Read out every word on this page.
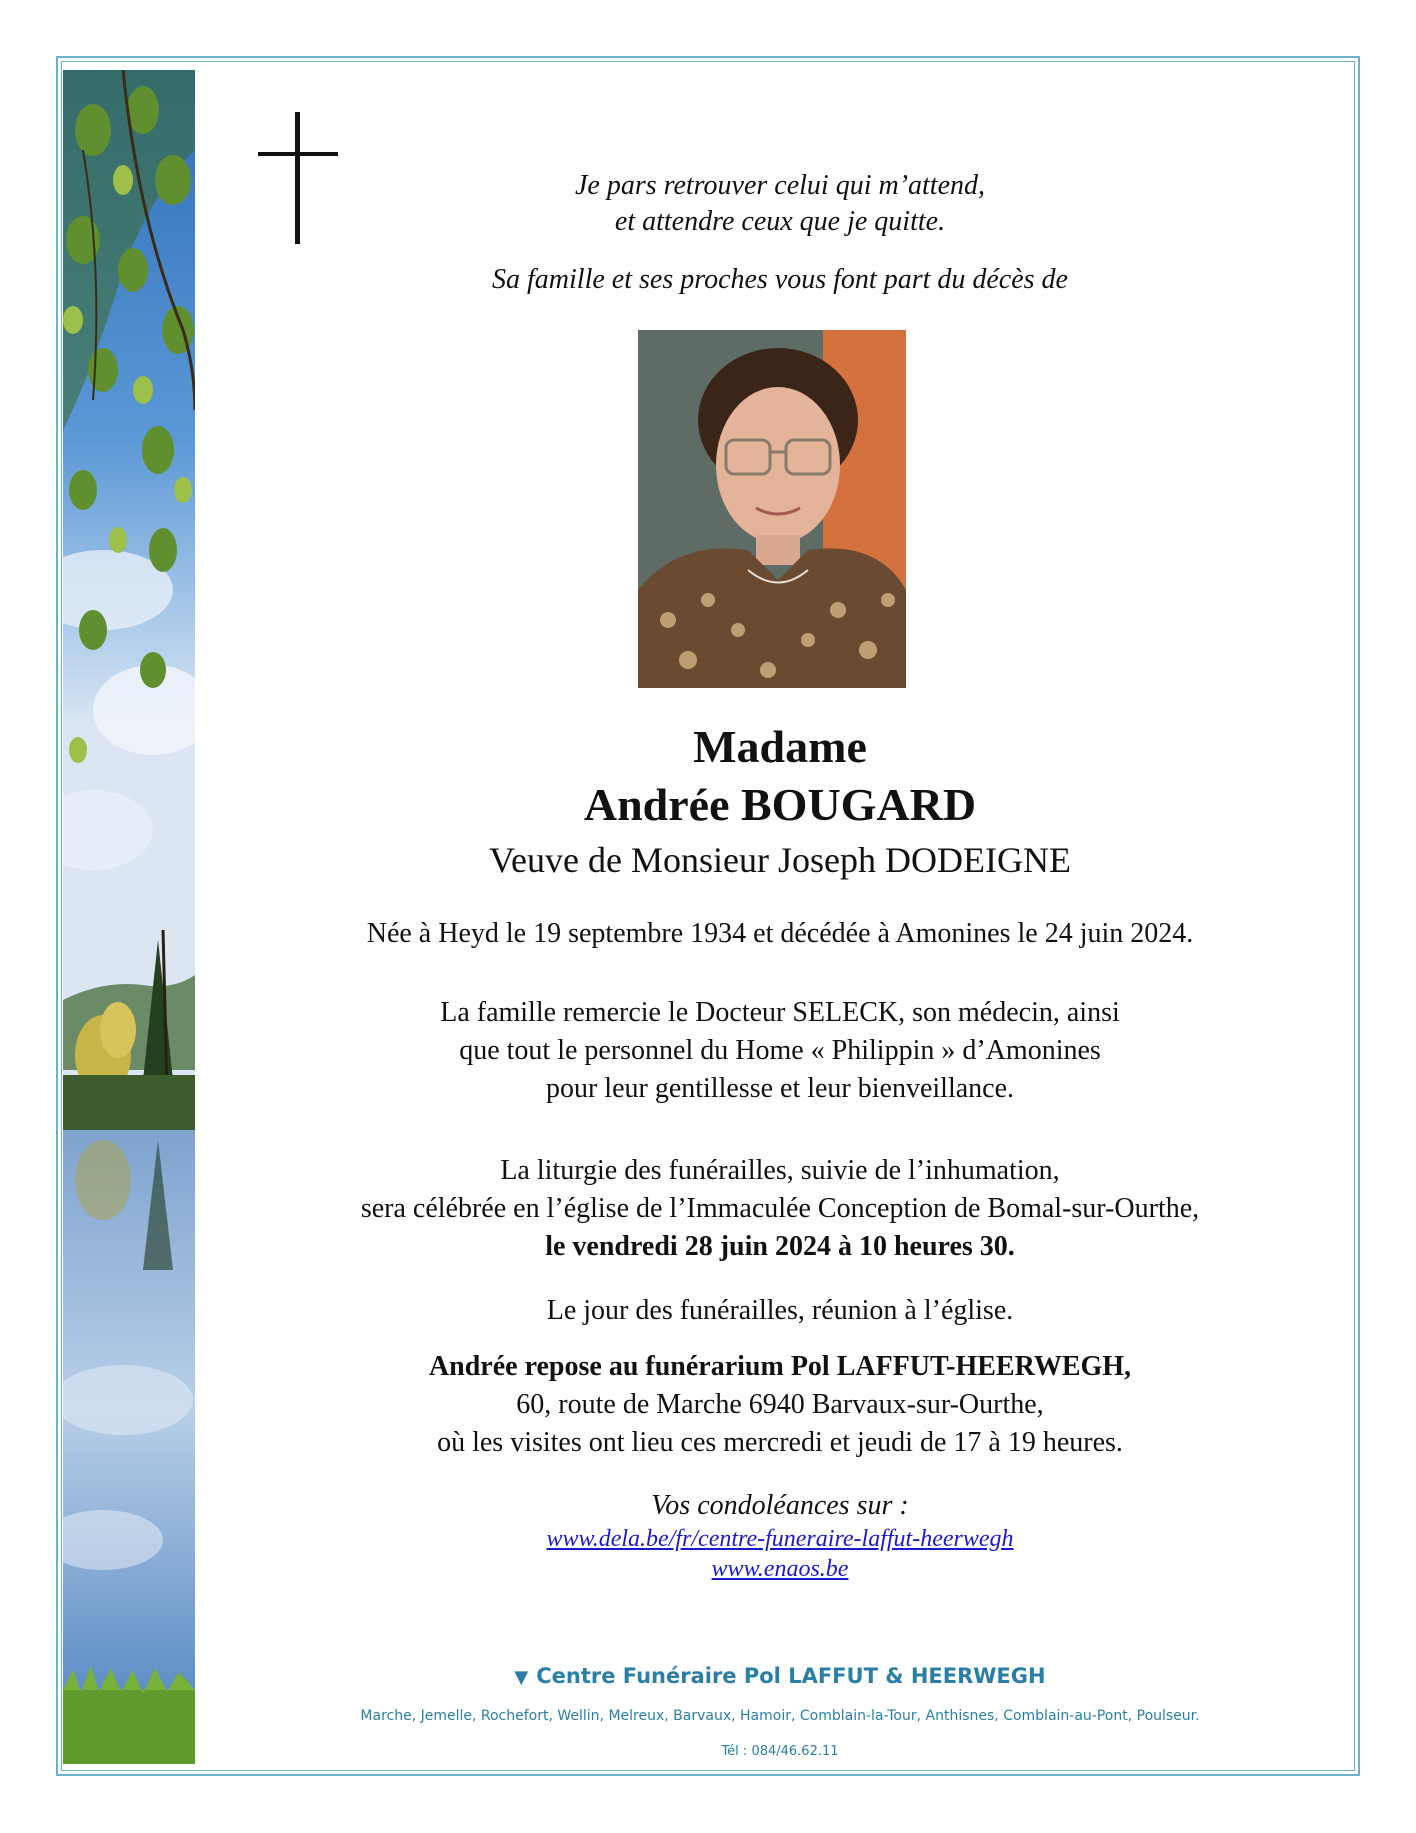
Je pars retrouver celui qui m’attend,
et attendre ceux que je quitte.
Sa famille et ses proches vous font part du décès de
Madame
Andrée BOUGARD
Veuve de Monsieur Joseph DODEIGNE
Née à Heyd le 19 septembre 1934 et décédée à Amonines le 24 juin 2024.
La famille remercie le Docteur SELECK, son médecin, ainsi
que tout le personnel du Home « Philippin » d’Amonines
pour leur gentillesse et leur bienveillance.
La liturgie des funérailles, suivie de l’inhumation,
sera célébrée en l’église de l’Immaculée Conception de Bomal-sur-Ourthe,
le vendredi 28 juin 2024 à 10 heures 30.
Le jour des funérailles, réunion à l’église.
Andrée repose au funérarium Pol LAFFUT-HEERWEGH,
60, route de Marche 6940 Barvaux-sur-Ourthe,
où les visites ont lieu ces mercredi et jeudi de 17 à 19 heures.
Vos condoléances sur :
www.dela.be/fr/centre-funeraire-laffut-heerwegh
www.enaos.be
▼ Centre Funéraire Pol LAFFUT & HEERWEGH
Marche, Jemelle, Rochefort, Wellin, Melreux, Barvaux, Hamoir, Comblain-la-Tour, Anthisnes, Comblain-au-Pont, Poulseur.
Tél : 084/46.62.11
